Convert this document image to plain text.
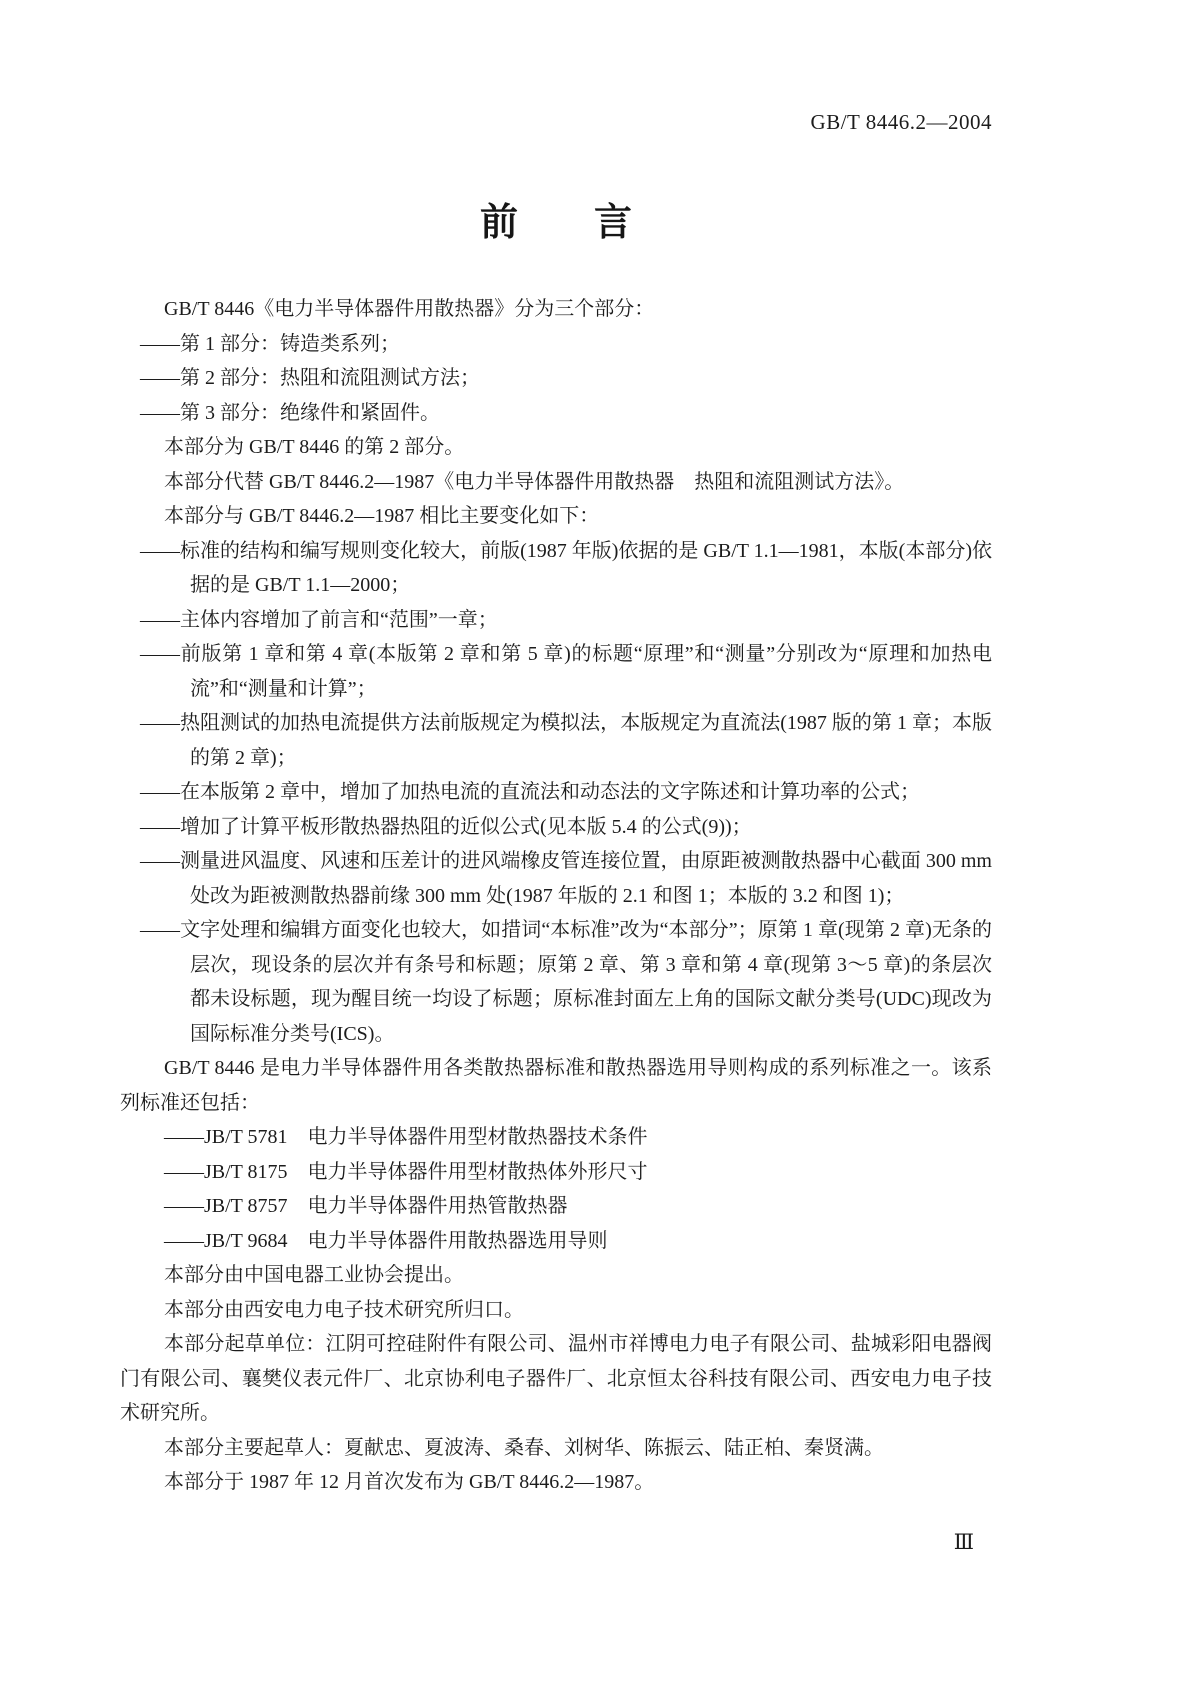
GB/T 8446.2—2004
前　　言

GB/T 8446《电力半导体器件用散热器》分为三个部分：

——第 1 部分：铸造类系列；

——第 2 部分：热阻和流阻测试方法；

——第 3 部分：绝缘件和紧固件。

本部分为 GB/T 8446 的第 2 部分。

本部分代替 GB/T 8446.2—1987《电力半导体器件用散热器　热阻和流阻测试方法》。

本部分与 GB/T 8446.2—1987 相比主要变化如下：

——标准的结构和编写规则变化较大，前版(1987 年版)依据的是 GB/T 1.1—1981，本版(本部分)依据的是 GB/T 1.1—2000；

——主体内容增加了前言和“范围”一章；

——前版第 1 章和第 4 章(本版第 2 章和第 5 章)的标题“原理”和“测量”分别改为“原理和加热电流”和“测量和计算”；

——热阻测试的加热电流提供方法前版规定为模拟法，本版规定为直流法(1987 版的第 1 章；本版的第 2 章)；

——在本版第 2 章中，增加了加热电流的直流法和动态法的文字陈述和计算功率的公式；

——增加了计算平板形散热器热阻的近似公式(见本版 5.4 的公式(9))；

——测量进风温度、风速和压差计的进风端橡皮管连接位置，由原距被测散热器中心截面 300 mm 处改为距被测散热器前缘 300 mm 处(1987 年版的 2.1 和图 1；本版的 3.2 和图 1)；

——文字处理和编辑方面变化也较大，如措词“本标准”改为“本部分”；原第 1 章(现第 2 章)无条的层次，现设条的层次并有条号和标题；原第 2 章、第 3 章和第 4 章(现第 3～5 章)的条层次都未设标题，现为醒目统一均设了标题；原标准封面左上角的国际文献分类号(UDC)现改为国际标准分类号(ICS)。

GB/T 8446 是电力半导体器件用各类散热器标准和散热器选用导则构成的系列标准之一。该系列标准还包括：

——JB/T 5781　电力半导体器件用型材散热器技术条件

——JB/T 8175　电力半导体器件用型材散热体外形尺寸

——JB/T 8757　电力半导体器件用热管散热器

——JB/T 9684　电力半导体器件用散热器选用导则

本部分由中国电器工业协会提出。

本部分由西安电力电子技术研究所归口。

本部分起草单位：江阴可控硅附件有限公司、温州市祥博电力电子有限公司、盐城彩阳电器阀门有限公司、襄樊仪表元件厂、北京协利电子器件厂、北京恒太谷科技有限公司、西安电力电子技术研究所。

本部分主要起草人：夏献忠、夏波涛、桑春、刘树华、陈振云、陆正柏、秦贤满。

本部分于 1987 年 12 月首次发布为 GB/T 8446.2—1987。

Ⅲ
